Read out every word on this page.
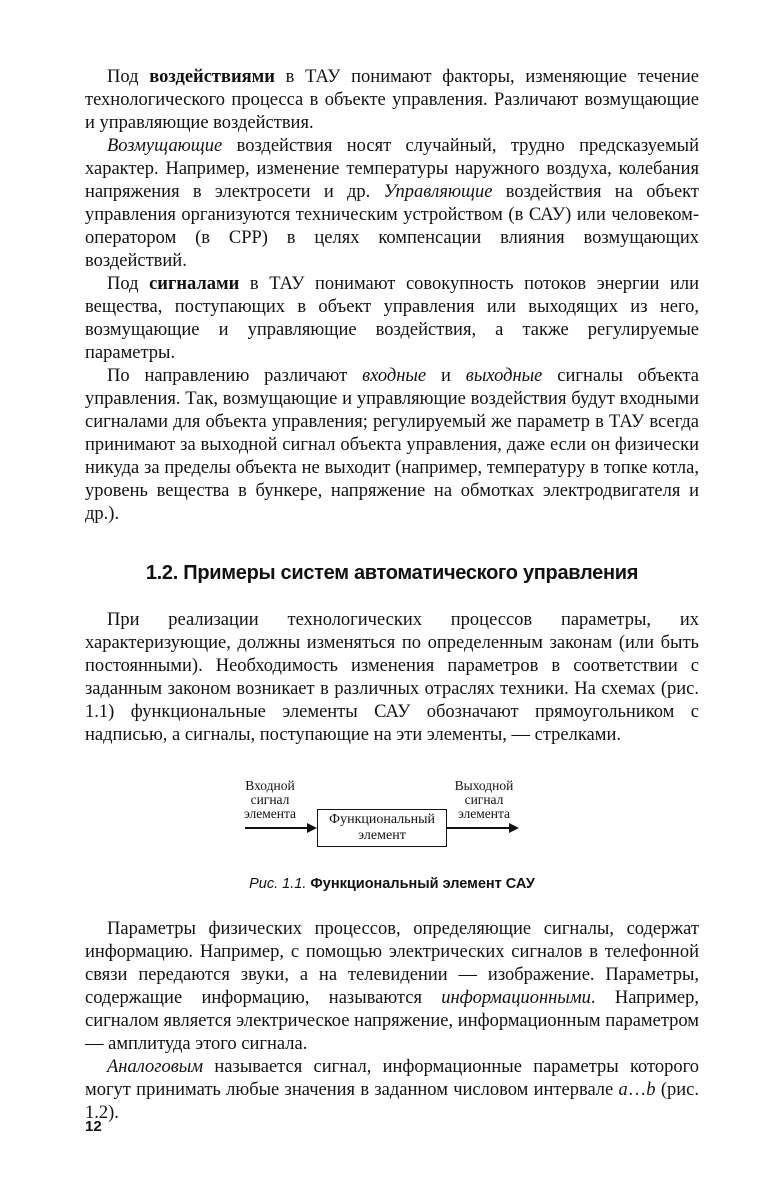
Под воздействиями в ТАУ понимают факторы, изменяющие течение технологического процесса в объекте управления. Различают возмущающие и управляющие воздействия.

Возмущающие воздействия носят случайный, трудно предсказуемый характер. Например, изменение температуры наружного воздуха, колебания напряжения в электросети и др. Управляющие воздействия на объект управления организуются техническим устройством (в САУ) или человеком-оператором (в СРР) в целях компенсации влияния возмущающих воздействий.

Под сигналами в ТАУ понимают совокупность потоков энергии или вещества, поступающих в объект управления или выходящих из него, возмущающие и управляющие воздействия, а также регулируемые параметры.

По направлению различают входные и выходные сигналы объекта управления. Так, возмущающие и управляющие воздействия будут входными сигналами для объекта управления; регулируемый же параметр в ТАУ всегда принимают за выходной сигнал объекта управления, даже если он физически никуда за пределы объекта не выходит (например, температуру в топке котла, уровень вещества в бункере, напряжение на обмотках электродвигателя и др.).

1.2. Примеры систем автоматического управления

При реализации технологических процессов параметры, их характеризующие, должны изменяться по определенным законам (или быть постоянными). Необходимость изменения параметров в соответствии с заданным законом возникает в различных отраслях техники. На схемах (рис. 1.1) функциональные элементы САУ обозначают прямоугольником с надписью, а сигналы, поступающие на эти элементы, — стрелками.

Входной сигнал элемента	Функциональный элемент
Выходной сигнал элемента
Рис. 1.1. Функциональный элемент САУ

Параметры физических процессов, определяющие сигналы, содержат информацию. Например, с помощью электрических сигналов в телефонной связи передаются звуки, а на телевидении — изображение. Параметры, содержащие информацию, называются информационными. Например, сигналом является электрическое напряжение, информационным параметром — амплитуда этого сигнала.

Аналоговым называется сигнал, информационные параметры которого могут принимать любые значения в заданном числовом интервале a…b (рис. 1.2).

12
